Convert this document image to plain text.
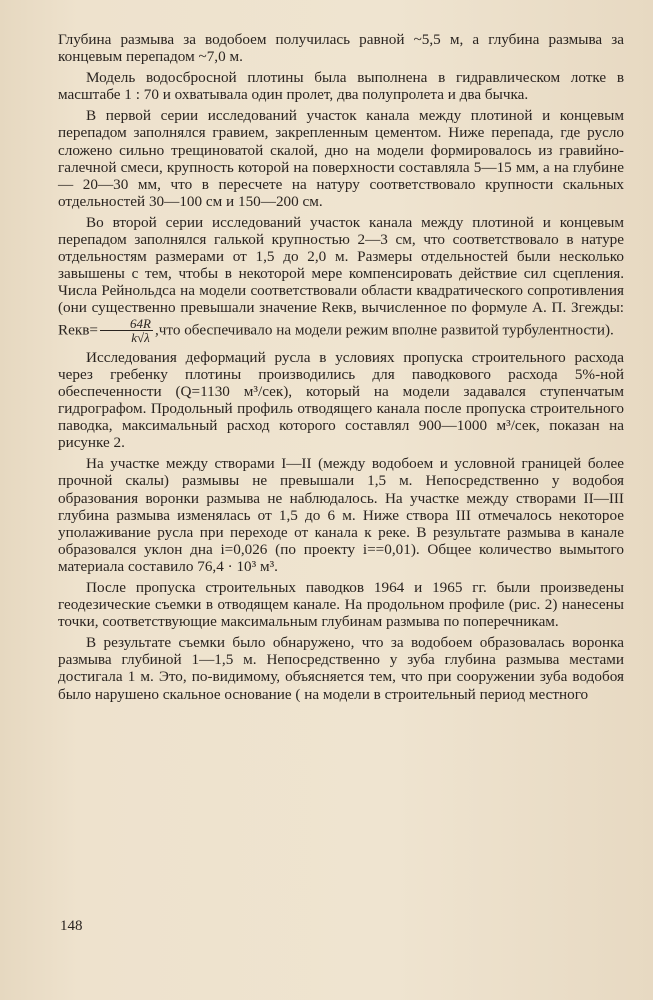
Глубина размыва за водобоем получилась равной ~5,5 м, а глубина размыва за концевым перепадом ~7,0 м.

Модель водосбросной плотины была выполнена в гидравлическом лотке в масштабе 1 : 70 и охватывала один пролет, два полупролета и два бычка.

В первой серии исследований участок канала между плотиной и концевым перепадом заполнялся гравием, закрепленным цементом. Ниже перепада, где русло сложено сильно трещиноватой скалой, дно на модели формировалось из гравийно-галечной смеси, крупность которой на поверхности составляла 5—15 мм, а на глубине — 20—30 мм, что в пересчете на натуру соответствовало крупности скальных отдельностей 30—100 см и 150—200 см.

Во второй серии исследований участок канала между плотиной и концевым перепадом заполнялся галькой крупностью 2—3 см, что соответствовало в натуре отдельностям размерами от 1,5 до 2,0 м. Размеры отдельностей были несколько завышены с тем, чтобы в некоторой мере компенсировать действие сил сцепления. Числа Рейнольдса на модели соответствовали области квадратического сопротивления (они существенно превышали значение Reкв, вычисленное по формуле А. П. Згежды: Reкв= $\frac{64R}{k√\lambda} ,что$ обеспечивало на модели режим вполне развитой турбулентности).

Исследования деформаций русла в условиях пропуска строительного расхода через гребенку плотины производились для паводкового расхода 5%-ной обеспеченности (Q=1130 м³/сек), который на модели задавался ступенчатым гидрографом. Продольный профиль отводящего канала после пропуска строительного паводка, максимальный расход которого составлял 900—1000 м³/сек, показан на рисунке 2.

На участке между створами I—II (между водобоем и условной границей более прочной скалы) размывы не превышали 1,5 м. Непосредственно у водобоя образования воронки размыва не наблюдалось. На участке между створами II—III глубина размыва изменялась от 1,5 до 6 м. Ниже створа III отмечалось некоторое уполаживание русла при переходе от канала к реке. В результате размыва в канале образовался уклон дна i=0,026 (по проекту i==0,01). Общее количество вымытого материала составило 76,4 · 10³ м³.

После пропуска строительных паводков 1964 и 1965 гг. были произведены геодезические съемки в отводящем канале. На продольном профиле (рис. 2) нанесены точки, соответствующие максимальным глубинам размыва по поперечникам.

В результате съемки было обнаружено, что за водобоем образовалась воронка размыва глубиной 1—1,5 м. Непосредственно у зуба глубина размыва местами достигала 1 м. Это, по-видимому, объясняется тем, что при сооружении зуба водобоя было нарушено скальное основание ( на модели в строительный период местного

148
